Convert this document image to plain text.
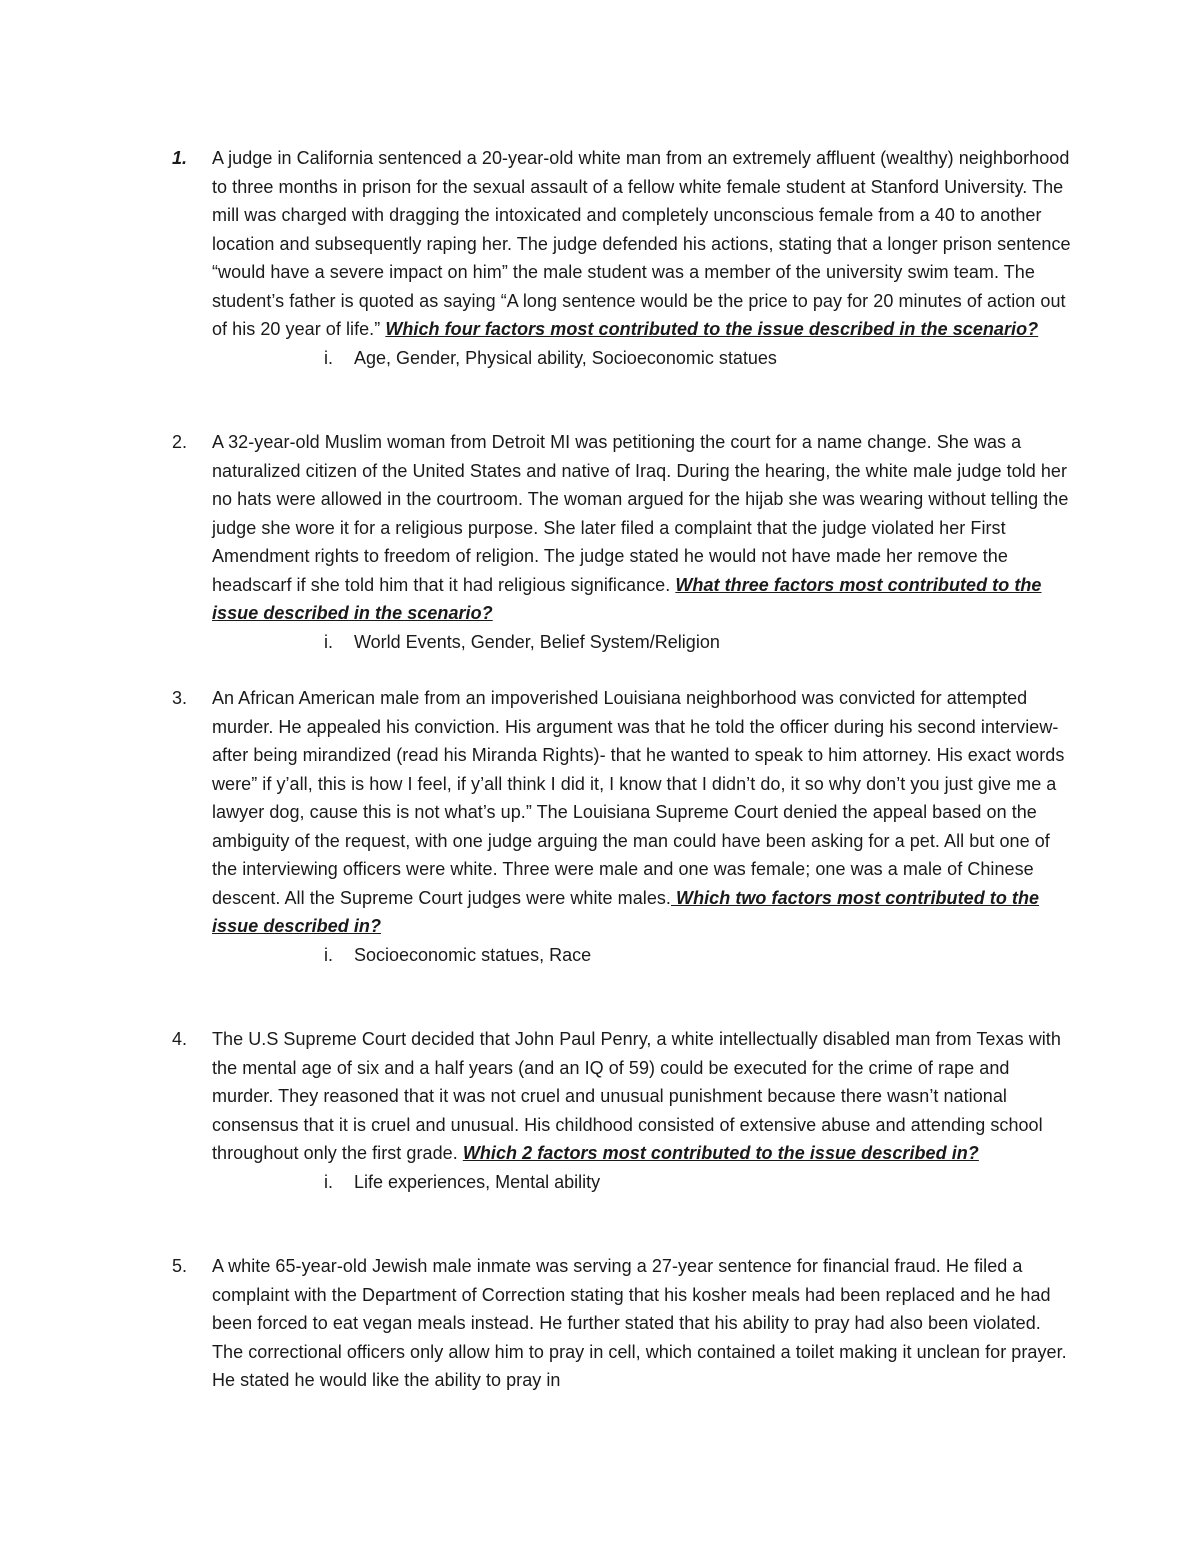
1. A judge in California sentenced a 20-year-old white man from an extremely affluent (wealthy) neighborhood to three months in prison for the sexual assault of a fellow white female student at Stanford University. The mill was charged with dragging the intoxicated and completely unconscious female from a 40 to another location and subsequently raping her. The judge defended his actions, stating that a longer prison sentence “would have a severe impact on him” the male student was a member of the university swim team. The student’s father is quoted as saying “A long sentence would be the price to pay for 20 minutes of action out of his 20 year of life.” Which four factors most contributed to the issue described in the scenario?
i. Age, Gender, Physical ability, Socioeconomic statues
2. A 32-year-old Muslim woman from Detroit MI was petitioning the court for a name change. She was a naturalized citizen of the United States and native of Iraq. During the hearing, the white male judge told her no hats were allowed in the courtroom. The woman argued for the hijab she was wearing without telling the judge she wore it for a religious purpose. She later filed a complaint that the judge violated her First Amendment rights to freedom of religion. The judge stated he would not have made her remove the headscarf if she told him that it had religious significance. What three factors most contributed to the issue described in the scenario?
i. World Events, Gender, Belief System/Religion
3. An African American male from an impoverished Louisiana neighborhood was convicted for attempted murder. He appealed his conviction. His argument was that he told the officer during his second interview- after being mirandized (read his Miranda Rights)- that he wanted to speak to him attorney. His exact words were” if y’all, this is how I feel, if y’all think I did it, I know that I didn’t do, it so why don’t you just give me a lawyer dog, cause this is not what’s up.” The Louisiana Supreme Court denied the appeal based on the ambiguity of the request, with one judge arguing the man could have been asking for a pet. All but one of the interviewing officers were white. Three were male and one was female; one was a male of Chinese descent. All the Supreme Court judges were white males. Which two factors most contributed to the issue described in?
i. Socioeconomic statues, Race
4. The U.S Supreme Court decided that John Paul Penry, a white intellectually disabled man from Texas with the mental age of six and a half years (and an IQ of 59) could be executed for the crime of rape and murder. They reasoned that it was not cruel and unusual punishment because there wasn’t national consensus that it is cruel and unusual. His childhood consisted of extensive abuse and attending school throughout only the first grade. Which 2 factors most contributed to the issue described in?
i. Life experiences, Mental ability
5. A white 65-year-old Jewish male inmate was serving a 27-year sentence for financial fraud. He filed a complaint with the Department of Correction stating that his kosher meals had been replaced and he had been forced to eat vegan meals instead. He further stated that his ability to pray had also been violated. The correctional officers only allow him to pray in cell, which contained a toilet making it unclean for prayer. He stated he would like the ability to pray in
